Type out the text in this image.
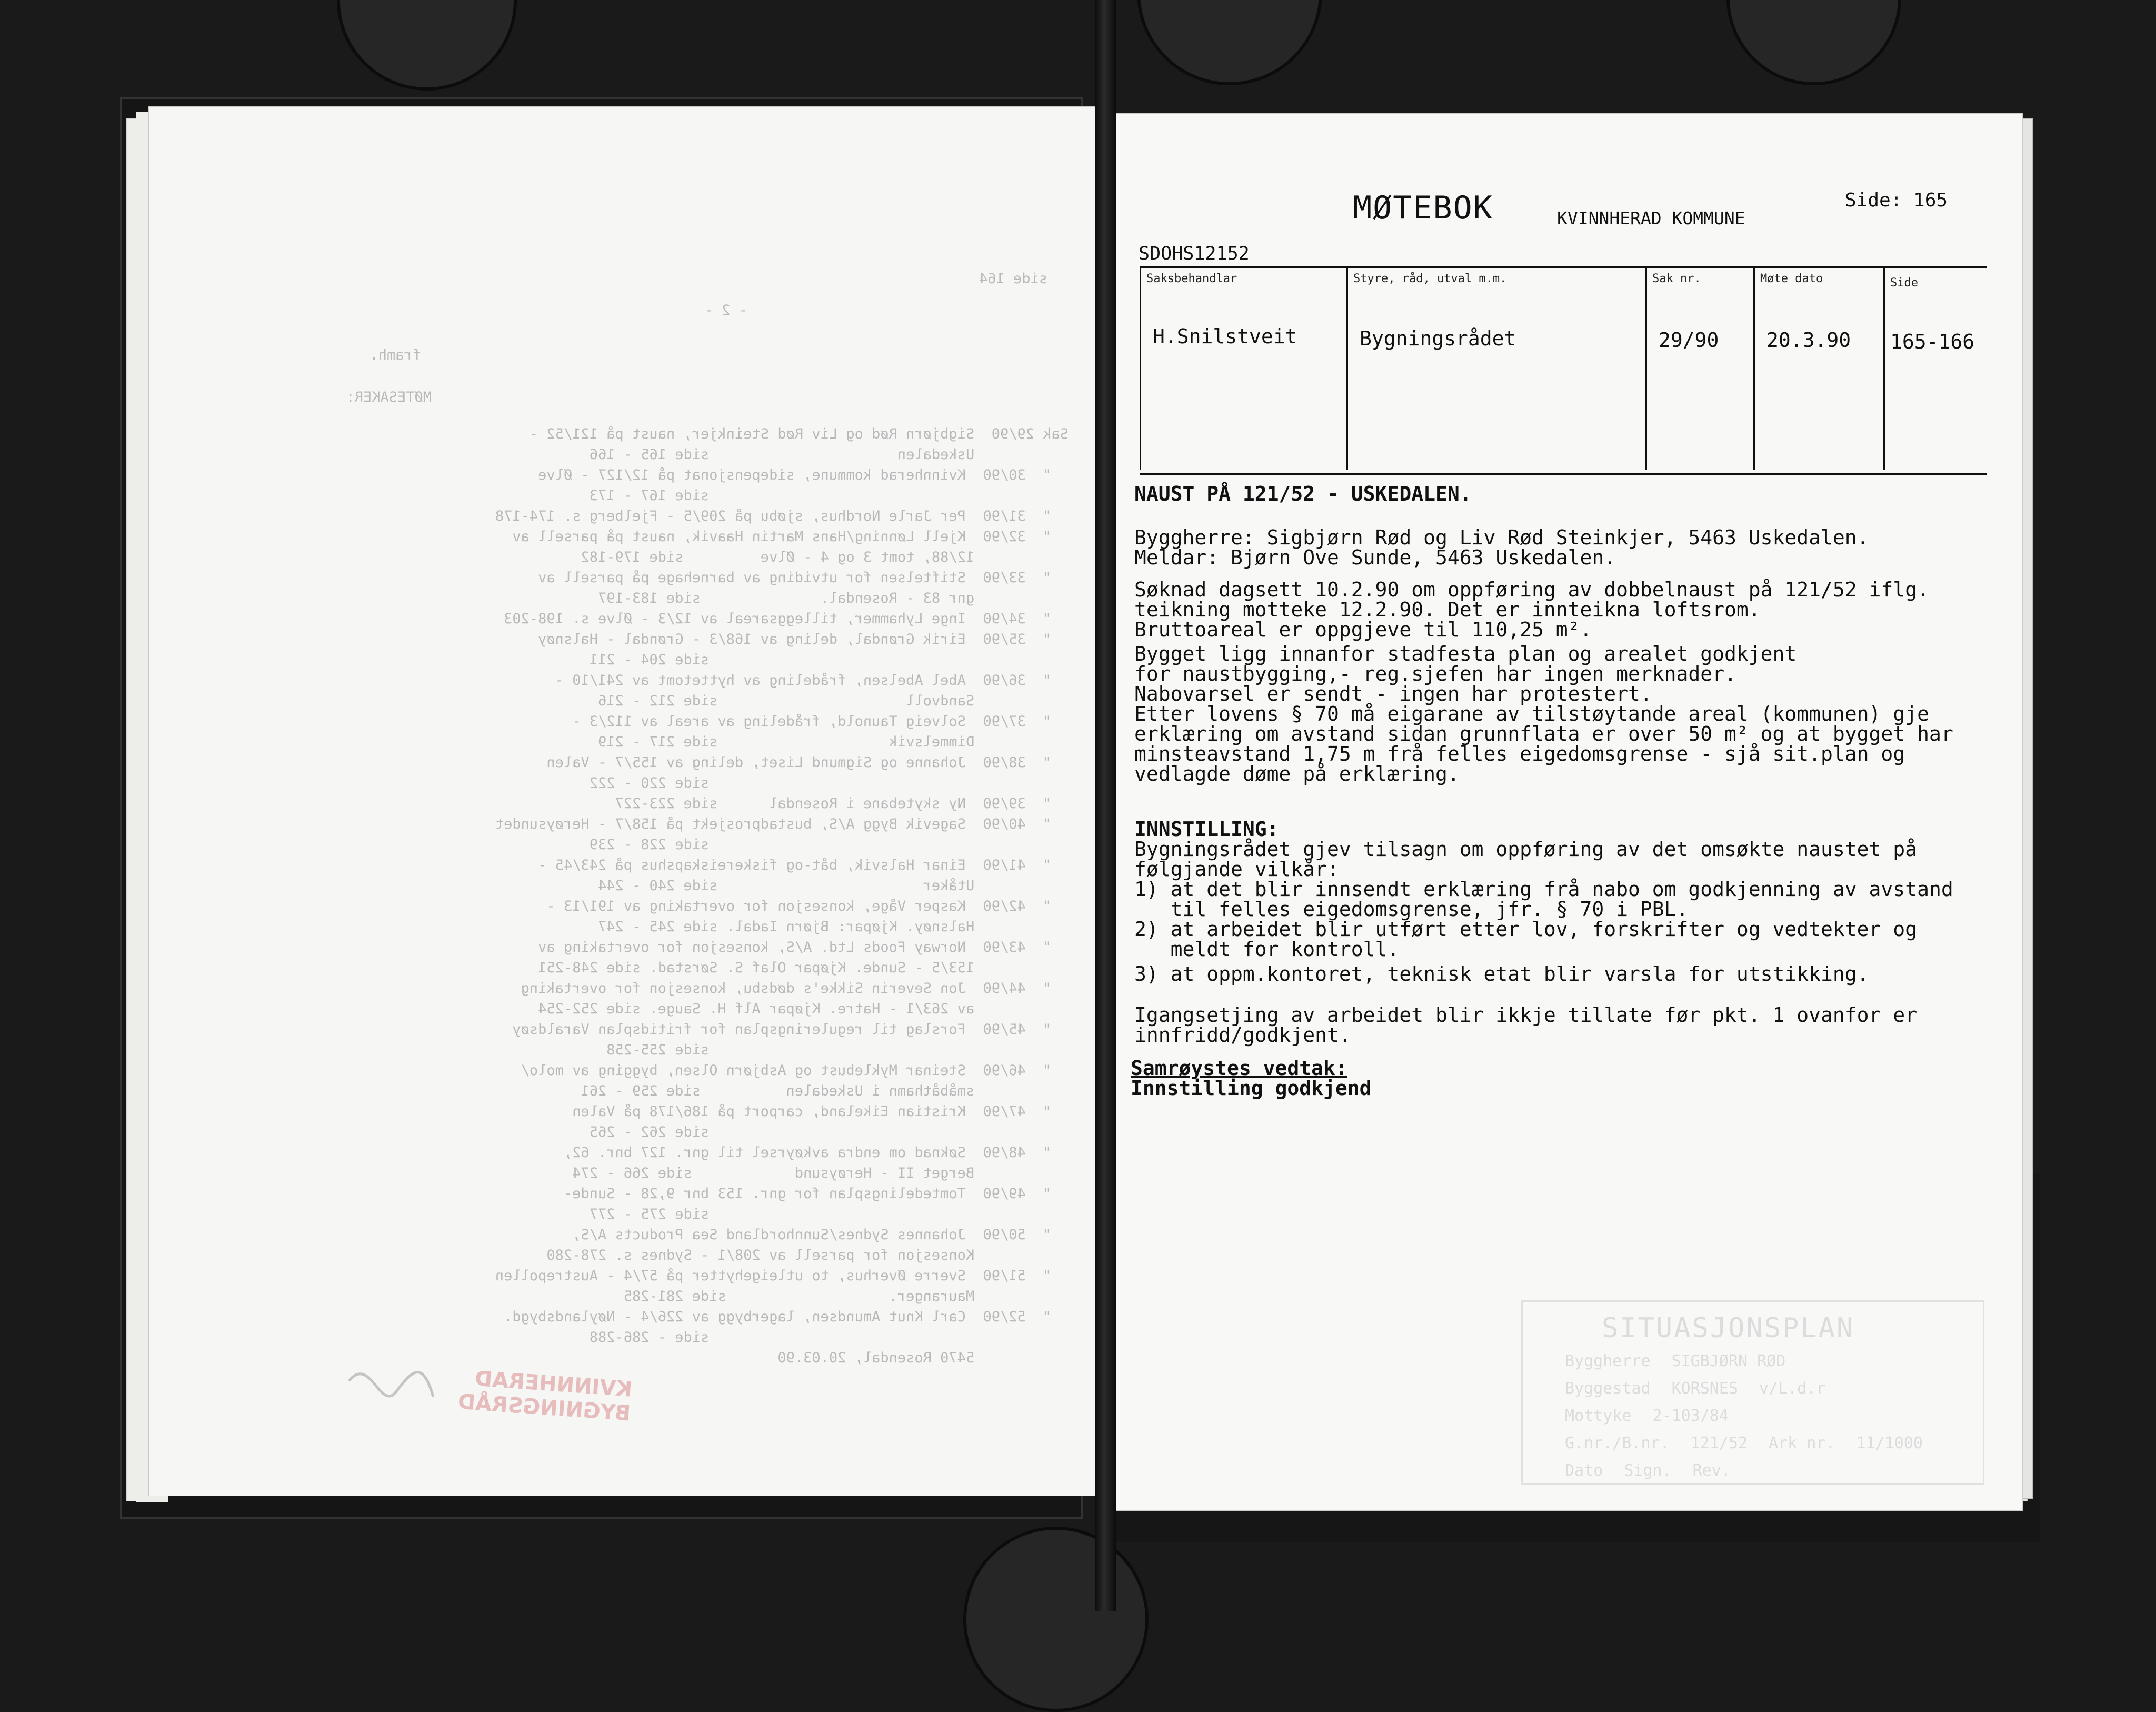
side 164

- 2 -

framh.

MØTESAKER:

Sak 29/90  Sigbjørn Rød og Liv Rød Steinkjer, naust på 121/52 -
Uskedalen                      side 165 - 166
"  30/90  Kvinnherad kommune, sidepensjonat på 12/127 - Ølve
side 167 - 173
"  31/90  Per Jarle Nordhus, sjøbu på 209/5 - Fjelberg s. 174-178
"  32/90  Kjell Lønning/Hans Martin Haavik, naust på parsell av
12/88, tomt 3 og 4 - Ølve         side 179-182
"  33/90  Stiftelsen for utviding av barnehage på parsell av
gnr 83 - Rosendal.              side 183-197
"  34/90  Inge Lyhammer, tilleggsareal av 12/3 - Ølve s. 198-203
"  35/90  Eirik Grøndal, deling av 168/3 - Grøndal - Halsnøy
side 204 - 211
"  36/90  Abel Abelsen, frådeling av hyttetomt av 241/10 -
Sandvoll                      side 212 - 216
"  37/90  Solveig Taunold, frådeling av areal av 112/3 -
Dimmelsvik                    side 217 - 219
"  38/90  Johanne og Sigmund Liset, deling av 155/7 - Valen
side 220 - 222
"  39/90  Ny skytebane i Rosendal      side 223-227
"  40/90  Sagevik Bygg A/S, bustadprosjekt på 158/7 - Herøysundet
side 228 - 239
"  41/90  Einar Halsvik, båt-og fiskereiskapshus på 243/45 -
Utåker                        side 240 - 244
"  42/90  Kasper Våge, konsesjon for overtaking av 191/13 -
Halsnøy. Kjøpar: Bjørn Iadal. side 245 - 247
"  43/90  Norway Foods Ltd. A/S, konsesjon for overtaking av
153/5 - Sunde. Kjøpar Olaf S. Sørstad. side 248-251
"  44/90  Jon Severin Sikke's dødsbu, konsesjon for overtaking
av 263/1 - Hatre. Kjøpar Alf H. Sauge. side 252-254
"  45/90  Forslag til reguleringsplan for fritidsplan Varaldsøy
side 255-258
"  46/90  Steinar Myklebust og Asbjørn Olsen, bygging av molo/
småbåthamn i Uskedalen          side 259 - 261
"  47/90  Kristian Eikeland, carport på 186/178 på Valen
side 262 - 265
"  48/90  Søknad om endra avkøyrsel til gnr. 127 bnr. 62,
Berget II - Herøysund            side 266 - 274
"  49/90  Tomtedelingsplan for gnr. 153 bnr 9,28 - Sunde-
side 275 - 277
"  50/90  Johannes Sydnes/Sunnhordland Sea Products A/S,
Konsesjon for parsell av 208/1 - Sydnes s. 278-280
"  51/90  Sverre Øverhus, to utleigehytter på 57/4 - Austrepollen
Mauranger.                   side 281-285
"  52/90  Carl Knut Amundsen, lagerbygg av 226/4 - Nøylandsbygd.
side - 286-288
5470 Rosendal, 20.03.90

KVINNHERAD BYGNINGSRÅD
SITUASJONSPLAN
Byggherre SIGBJØRN RØD
Byggestad KORSNES v/L.d.r
Mottyke 2-103/84
G.nr./B.nr. 121/52 Ark nr. 11/1000
Dato Sign. Rev.
MØTEBOK	KVINNHERAD KOMMUNE
Side: 165
SDOHS12152
Saksbehandlar
H.Snilstveit
Styre, råd, utval m.m.
Bygningsrådet
Sak nr.
29/90
Møte dato
20.3.90
Side
165-166
NAUST PÅ 121/52 - USKEDALEN.
Byggherre: Sigbjørn Rød og Liv Rød Steinkjer, 5463 Uskedalen.
Meldar: Bjørn Ove Sunde, 5463 Uskedalen.
Søknad dagsett 10.2.90 om oppføring av dobbelnaust på 121/52 iflg.
teikning motteke 12.2.90. Det er innteikna loftsrom.
Bruttoareal er oppgjeve til 110,25 m².
Bygget ligg innanfor stadfesta plan og arealet godkjent
for naustbygging,- reg.sjefen har ingen merknader.
Nabovarsel er sendt - ingen har protestert.
Etter lovens § 70 må eigarane av tilstøytande areal (kommunen) gje
erklæring om avstand sidan grunnflata er over 50 m² og at bygget har
minsteavstand 1,75 m frå felles eigedomsgrense - sjå sit.plan og
vedlagde døme på erklæring.
INNSTILLING:
Bygningsrådet gjev tilsagn om oppføring av det omsøkte naustet på
følgjande vilkår:
1) at det blir innsendt erklæring frå nabo om godkjenning av avstand
til felles eigedomsgrense, jfr. § 70 i PBL.
2) at arbeidet blir utført etter lov, forskrifter og vedtekter og
meldt for kontroll.
3) at oppm.kontoret, teknisk etat blir varsla for utstikking.
Igangsetjing av arbeidet blir ikkje tillate før pkt. 1 ovanfor er
innfridd/godkjent.
Samrøystes vedtak:
Innstilling godkjend
